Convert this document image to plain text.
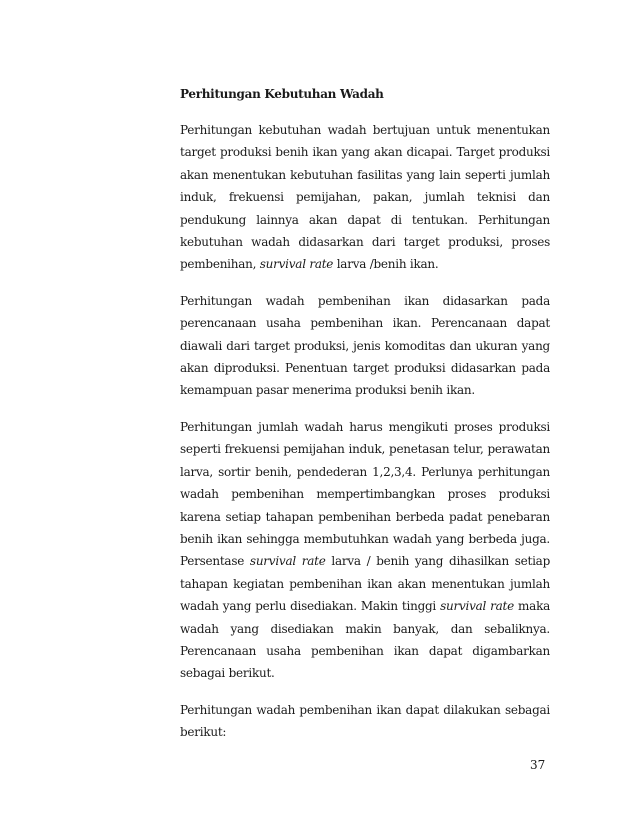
Perhitungan Kebutuhan Wadah

Perhitungan kebutuhan wadah bertujuan untuk menentukan target produksi benih ikan yang akan dicapai. Target produksi akan menentukan kebutuhan fasilitas yang lain seperti jumlah induk, frekuensi pemijahan, pakan, jumlah teknisi dan pendukung lainnya akan dapat di tentukan. Perhitungan kebutuhan wadah didasarkan dari target produksi, proses pembenihan, survival rate larva /benih ikan.

Perhitungan wadah pembenihan ikan didasarkan pada perencanaan usaha pembenihan ikan. Perencanaan dapat diawali dari target produksi, jenis komoditas dan ukuran yang akan diproduksi. Penentuan target produksi didasarkan pada kemampuan pasar menerima produksi benih ikan.

Perhitungan jumlah wadah harus mengikuti proses produksi seperti frekuensi pemijahan induk, penetasan telur, perawatan larva, sortir benih, pendederan 1,2,3,4. Perlunya perhitungan wadah pembenihan mempertimbangkan proses produksi karena setiap tahapan pembenihan berbeda padat penebaran benih ikan sehingga membutuhkan wadah yang berbeda juga. Persentase survival rate larva / benih yang dihasilkan setiap tahapan kegiatan pembenihan ikan akan menentukan jumlah wadah yang perlu disediakan. Makin tinggi survival rate maka wadah yang disediakan makin banyak, dan sebaliknya. Perencanaan usaha pembenihan ikan dapat digambarkan sebagai berikut.

Perhitungan wadah pembenihan ikan dapat dilakukan sebagai berikut:

37
